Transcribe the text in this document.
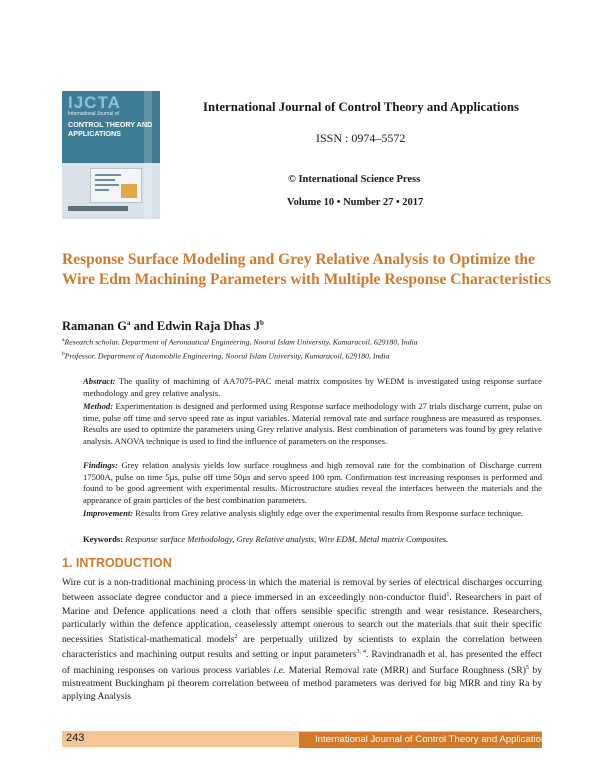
IJCTA
International Journal of
CONTROL THEORY AND APPLICATIONS
International Journal of Control Theory and Applications
ISSN : 0974–5572
© International Science Press
Volume 10 • Number 27 • 2017
Response Surface Modeling and Grey Relative Analysis to Optimize the Wire Edm Machining Parameters with Multiple Response Characteristics
Ramanan $G^a$ and Edwin Raja Dhas $J^b$
$^a$Research scholar, Department of Aeronautical Engineering, Noorul Islam University, Kumaracoil, 629180, India
$^b$Professor, Department of Automobile Engineering, Noorul Islam University, Kumaracoil, 629180, India

Abstract: The quality of machining of AA7075-PAC metal matrix composites by WEDM is investigated using response surface methodology and grey relative analysis.

Method: Experimentation is designed and performed using Response surface methodology with 27 trials discharge current, pulse on time, pulse off time and servo speed rate as input variables. Material removal rate and surface roughness are measured as responses. Results are used to optimize the parameters using Grey relative analysis. Best combination of parameters was found by grey relative analysis. ANOVA technique is used to find the influence of parameters on the responses.

Findings: Grey relation analysis yields low surface roughness and high removal rate for the combination of Discharge current 17500A, pulse on time 5µs, pulse off time 50µs and servo speed 100 rpm. Confirmation test increasing responses is performed and found to be good agreement with experimental results. Microstructure studies reveal the interfaces between the materials and the appearance of grain particles of the best combination parameters.

Improvement: Results from Grey relative analysis slightly edge over the experimental results from Response surface technique.

Keywords: Response surface Methodology, Grey Relative analysis, Wire EDM, Metal matrix Composites.
1. INTRODUCTION

Wire cut is a non-traditional machining process in which the material is removal by series of electrical discharges occurring between associate degree conductor and a piece immersed in an exceedingly non-conductor fluid$^1$. Researchers in part of Marine and Defence applications need a cloth that offers sensible specific strength and wear resistance. Researchers, particularly within the defence application, ceaselessly attempt onerous to search out the materials that suit their specific necessities Statistical-mathematical models$^2$ are perpetually utilized by scientists to explain the correlation between characteristics and machining output results and setting or input parameters$^{3, 4}$. Ravindranadh et al. has presented the effect of machining responses on various process variables i.e. Material Removal rate (MRR) and Surface Roughness (SR)$^5$ by mistreatment Buckingham pi theorem correlation between of method parameters was derived for big MRR and tiny Ra by applying Analysis

243	International Journal of Control Theory and Applications
